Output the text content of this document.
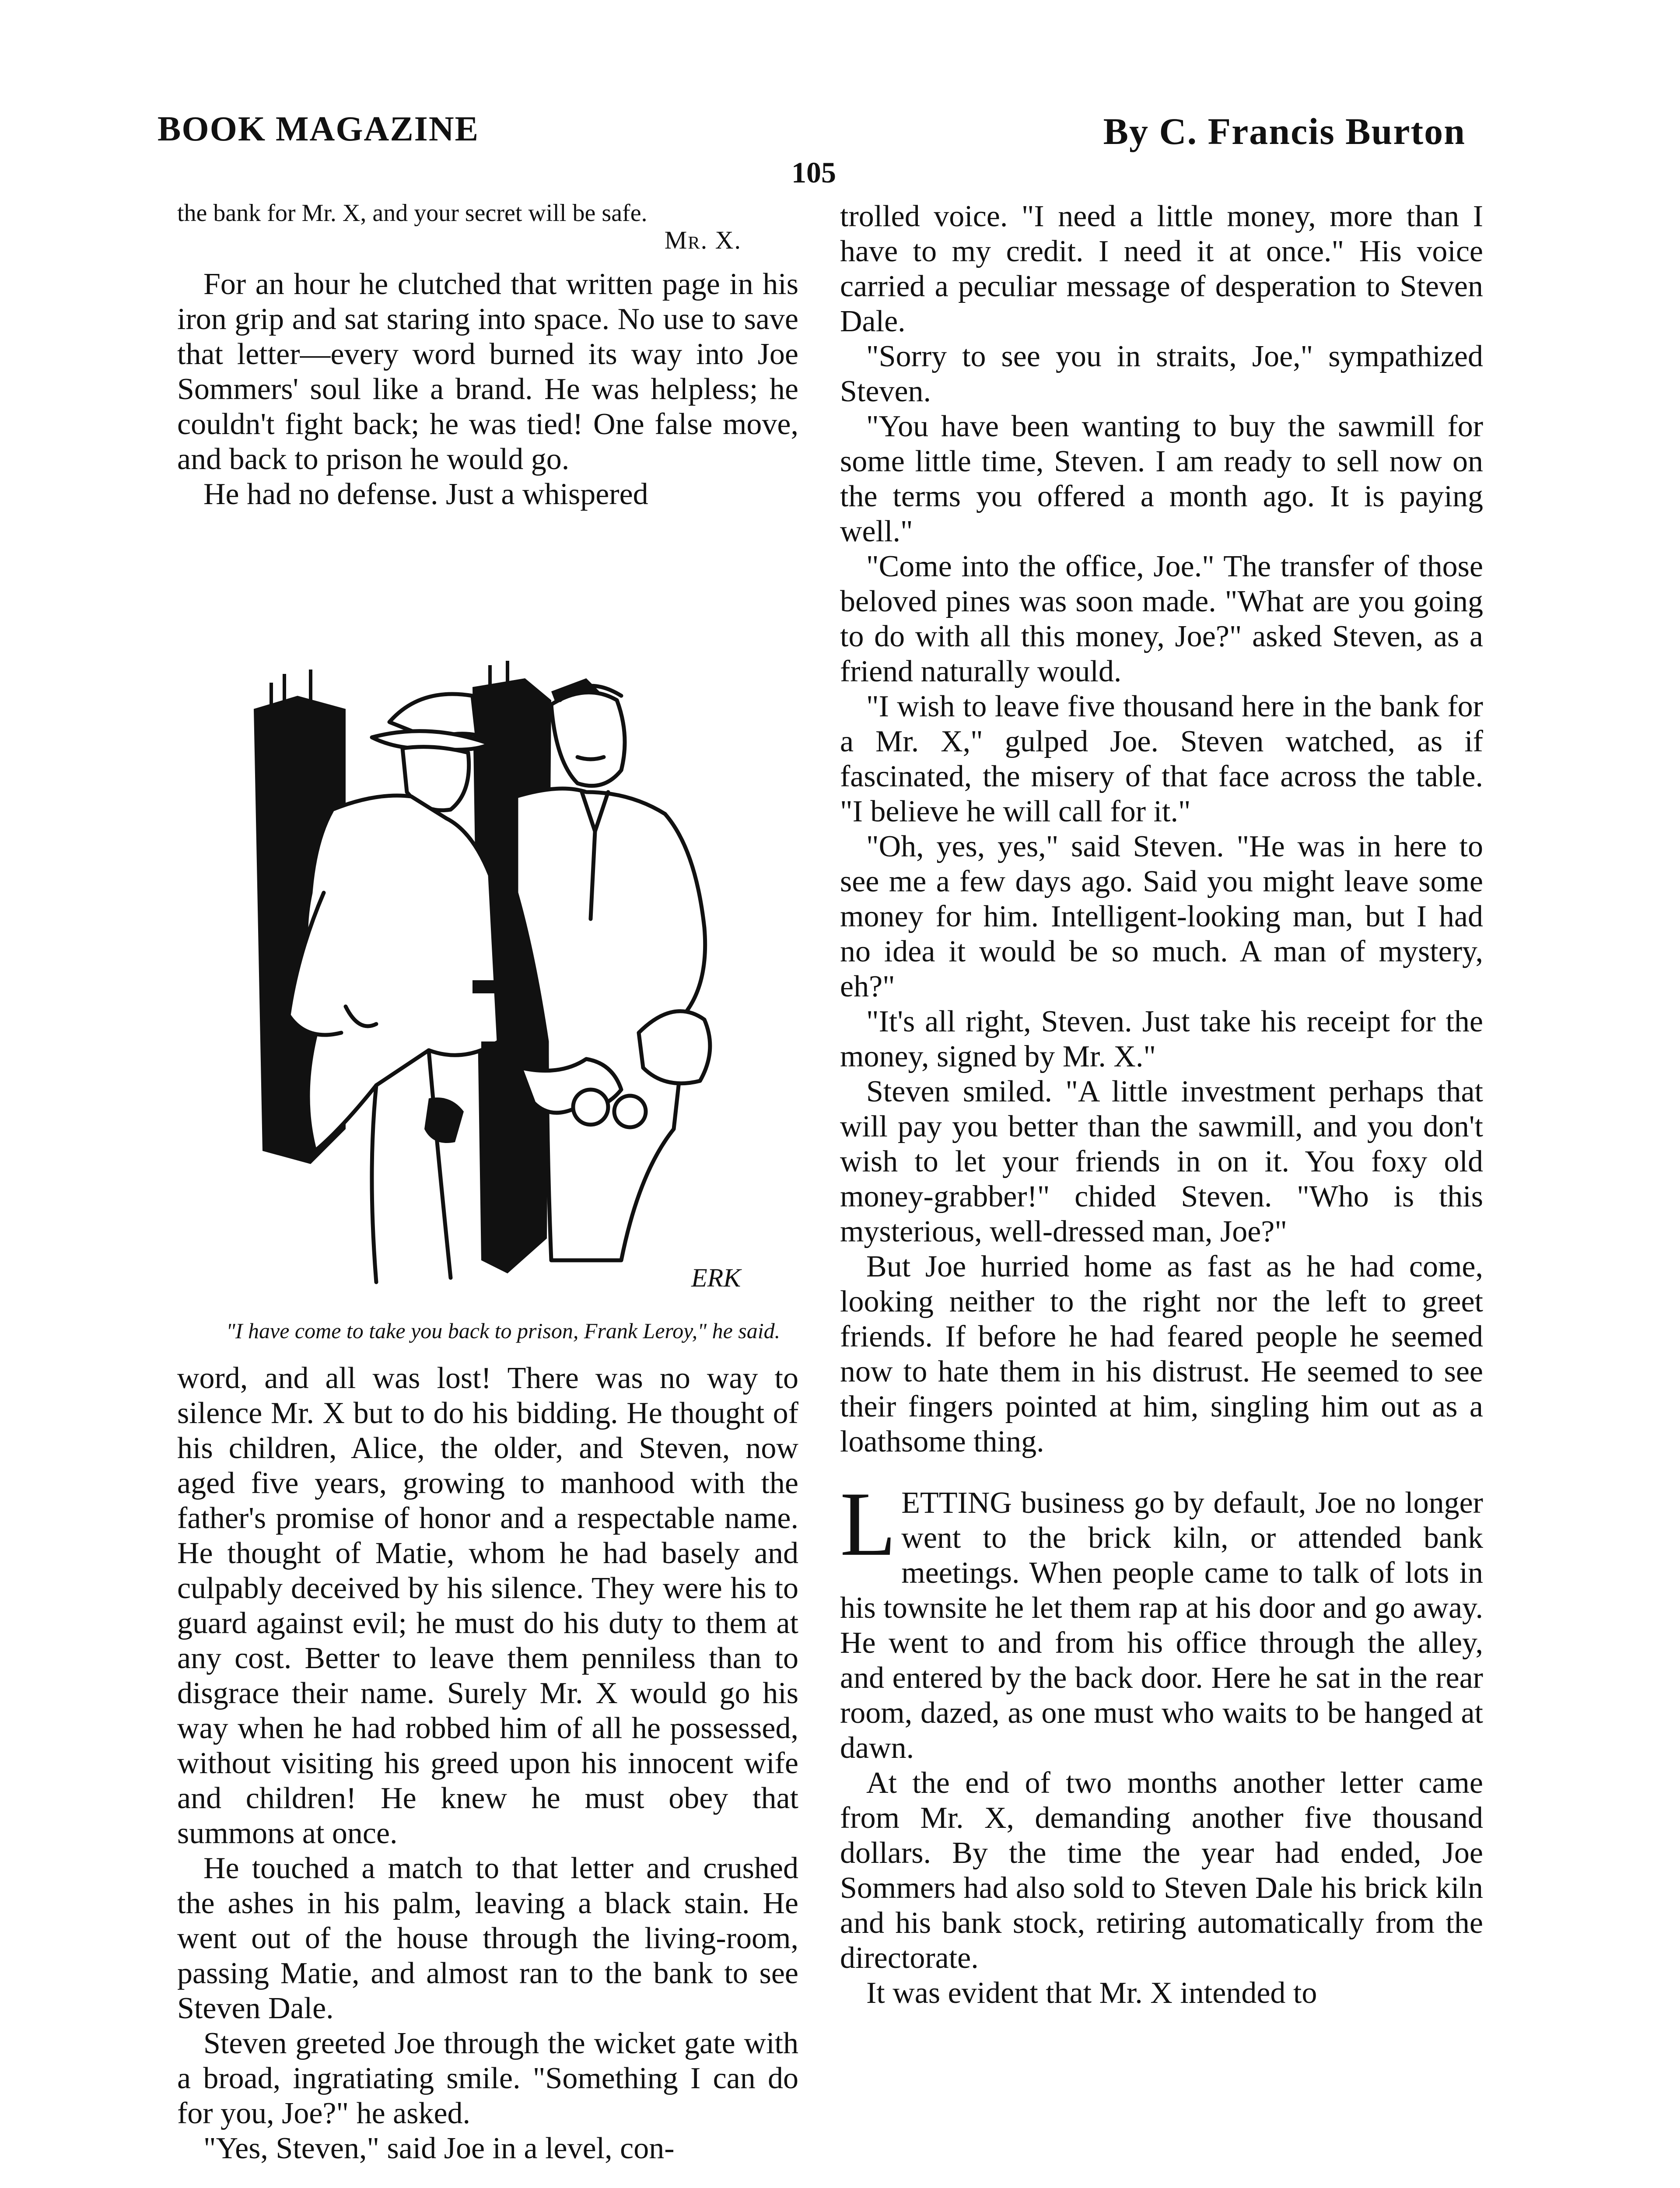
BOOK MAGAZINE	By C. Francis Burton
105

the bank for Mr. X, and your secret will be safe.

Mr. X.

For an hour he clutched that written page in his iron grip and sat staring into space. No use to save that letter—every word burned its way into Joe Sommers' soul like a brand. He was helpless; he couldn't fight back; he was tied! One false move, and back to prison he would go.

He had no defense. Just a whispered

ERK
"I have come to take you back to prison, Frank Leroy," he said.

word, and all was lost! There was no way to silence Mr. X but to do his bidding. He thought of his children, Alice, the older, and Steven, now aged five years, growing to manhood with the father's promise of honor and a respectable name. He thought of Matie, whom he had basely and culpably deceived by his silence. They were his to guard against evil; he must do his duty to them at any cost. Better to leave them penniless than to disgrace their name. Surely Mr. X would go his way when he had robbed him of all he possessed, without visiting his greed upon his innocent wife and children! He knew he must obey that summons at once.

He touched a match to that letter and crushed the ashes in his palm, leaving a black stain. He went out of the house through the living-room, passing Matie, and almost ran to the bank to see Steven Dale.

Steven greeted Joe through the wicket gate with a broad, ingratiating smile. "Something I can do for you, Joe?" he asked.

"Yes, Steven," said Joe in a level, con-

trolled voice. "I need a little money, more than I have to my credit. I need it at once." His voice carried a peculiar message of desperation to Steven Dale.

"Sorry to see you in straits, Joe," sympathized Steven.

"You have been wanting to buy the sawmill for some little time, Steven. I am ready to sell now on the terms you offered a month ago. It is paying well."

"Come into the office, Joe." The transfer of those beloved pines was soon made. "What are you going to do with all this money, Joe?" asked Steven, as a friend naturally would.

"I wish to leave five thousand here in the bank for a Mr. X," gulped Joe. Steven watched, as if fascinated, the misery of that face across the table. "I believe he will call for it."

"Oh, yes, yes," said Steven. "He was in here to see me a few days ago. Said you might leave some money for him. Intelligent-looking man, but I had no idea it would be so much. A man of mystery, eh?"

"It's all right, Steven. Just take his receipt for the money, signed by Mr. X."

Steven smiled. "A little investment perhaps that will pay you better than the sawmill, and you don't wish to let your friends in on it. You foxy old money-grabber!" chided Steven. "Who is this mysterious, well-dressed man, Joe?"

But Joe hurried home as fast as he had come, looking neither to the right nor the left to greet friends. If before he had feared people he seemed now to hate them in his distrust. He seemed to see their fingers pointed at him, singling him out as a loathsome thing.

LETTING business go by default, Joe no longer went to the brick kiln, or attended bank meetings. When people came to talk of lots in his townsite he let them rap at his door and go away. He went to and from his office through the alley, and entered by the back door. Here he sat in the rear room, dazed, as one must who waits to be hanged at dawn.

At the end of two months another letter came from Mr. X, demanding another five thousand dollars. By the time the year had ended, Joe Sommers had also sold to Steven Dale his brick kiln and his bank stock, retiring automatically from the directorate.

It was evident that Mr. X intended to
